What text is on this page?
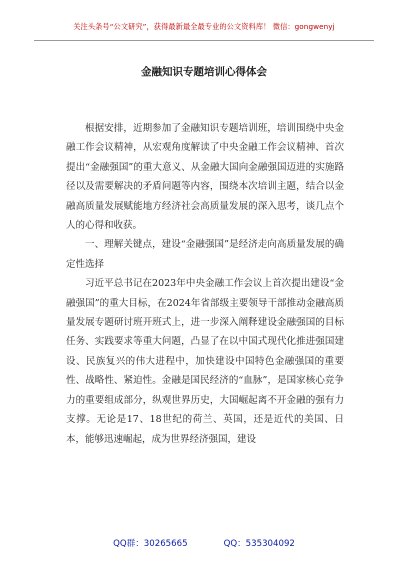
关注头条号“公文研究”，获得最新最全最专业的公文资料库！ 微信：gongwenyj
金融知识专题培训心得体会

根据安排，近期参加了金融知识专题培训班，培训围绕中央金融工作会议精神，从宏观角度解读了中央金融工作会议精神、首次提出“金融强国”的重大意义、从金融大国向金融强国迈进的实施路径以及需要解决的矛盾问题等内容，围绕本次培训主题，结合以金融高质量发展赋能地方经济社会高质量发展的深入思考，谈几点个人的心得和收获。

一、理解关键点，建设“金融强国”是经济走向高质量发展的确定性选择

习近平总书记在2023年中央金融工作会议上首次提出建设“金融强国”的重大目标，在2024年省部级主要领导干部推动金融高质量发展专题研讨班开班式上，进一步深入阐释建设金融强国的目标任务、实践要求等重大问题，凸显了在以中国式现代化推进强国建设、民族复兴的伟大进程中，加快建设中国特色金融强国的重要性、战略性、紧迫性。金融是国民经济的“血脉”，是国家核心竞争力的重要组成部分，纵观世界历史，大国崛起离不开金融的强有力支撑。无论是17、18世纪的荷兰、英国，还是近代的美国、日本，能够迅速崛起，成为世界经济强国，建设

QQ群：30265665	QQ：535304092
